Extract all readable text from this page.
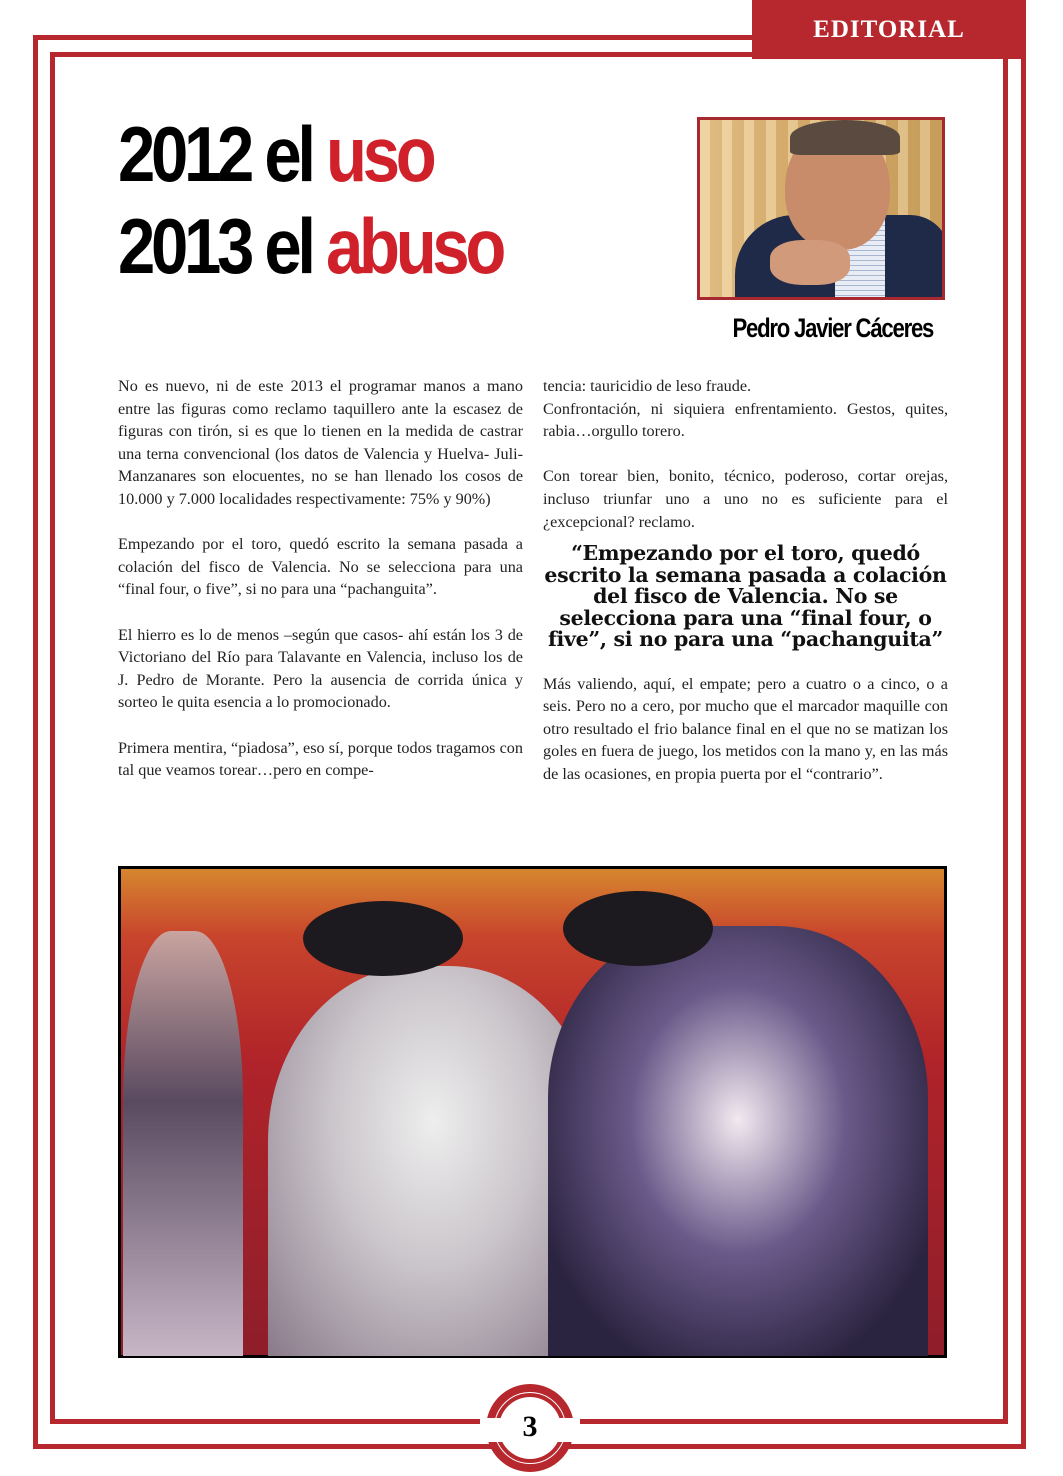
EDITORIAL
2012 el uso
2013 el abuso

Pedro Javier Cáceres

No es nuevo, ni de este 2013 el programar manos a mano entre las figuras como reclamo taquillero ante la escasez de figuras con tirón, si es que lo tienen en la medida de castrar una terna convencional (los datos de Valencia y Huelva- Juli-Manzanares son elocuentes, no se han llenado los cosos de 10.000 y 7.000 localidades respectivamente: 75% y 90%)

Empezando por el toro, quedó escrito la semana pasada a colación del fisco de Valencia. No se selecciona para una “final four, o five”, si no para una “pachanguita”.

El hierro es lo de menos –según que casos- ahí están los 3 de Victoriano del Río para Talavante en Valencia, incluso los de J. Pedro de Morante. Pero la ausencia de corrida única y sorteo le quita esencia a lo promocionado.

Primera mentira, “piadosa”, eso sí, porque todos tragamos con tal que veamos torear…pero en compe-

tencia: tauricidio de leso fraude.

Confrontación, ni siquiera enfrentamiento. Gestos, quites, rabia…orgullo torero.

Con torear bien, bonito, técnico, poderoso, cortar orejas, incluso triunfar uno a uno no es suficiente para el ¿excepcional? reclamo.

“Empezando por el toro, quedó escrito la semana pasada a colación del fisco de Valencia. No se selecciona para una “final four, o five”, si no para una “pachanguita”

Más valiendo, aquí, el empate; pero a cuatro o a cinco, o a seis. Pero no a cero, por mucho que el marcador maquille con otro resultado el frio balance final en el que no se matizan los goles en fuera de juego, los metidos con la mano y, en las más de las ocasiones, en propia puerta por el “contrario”.

3
